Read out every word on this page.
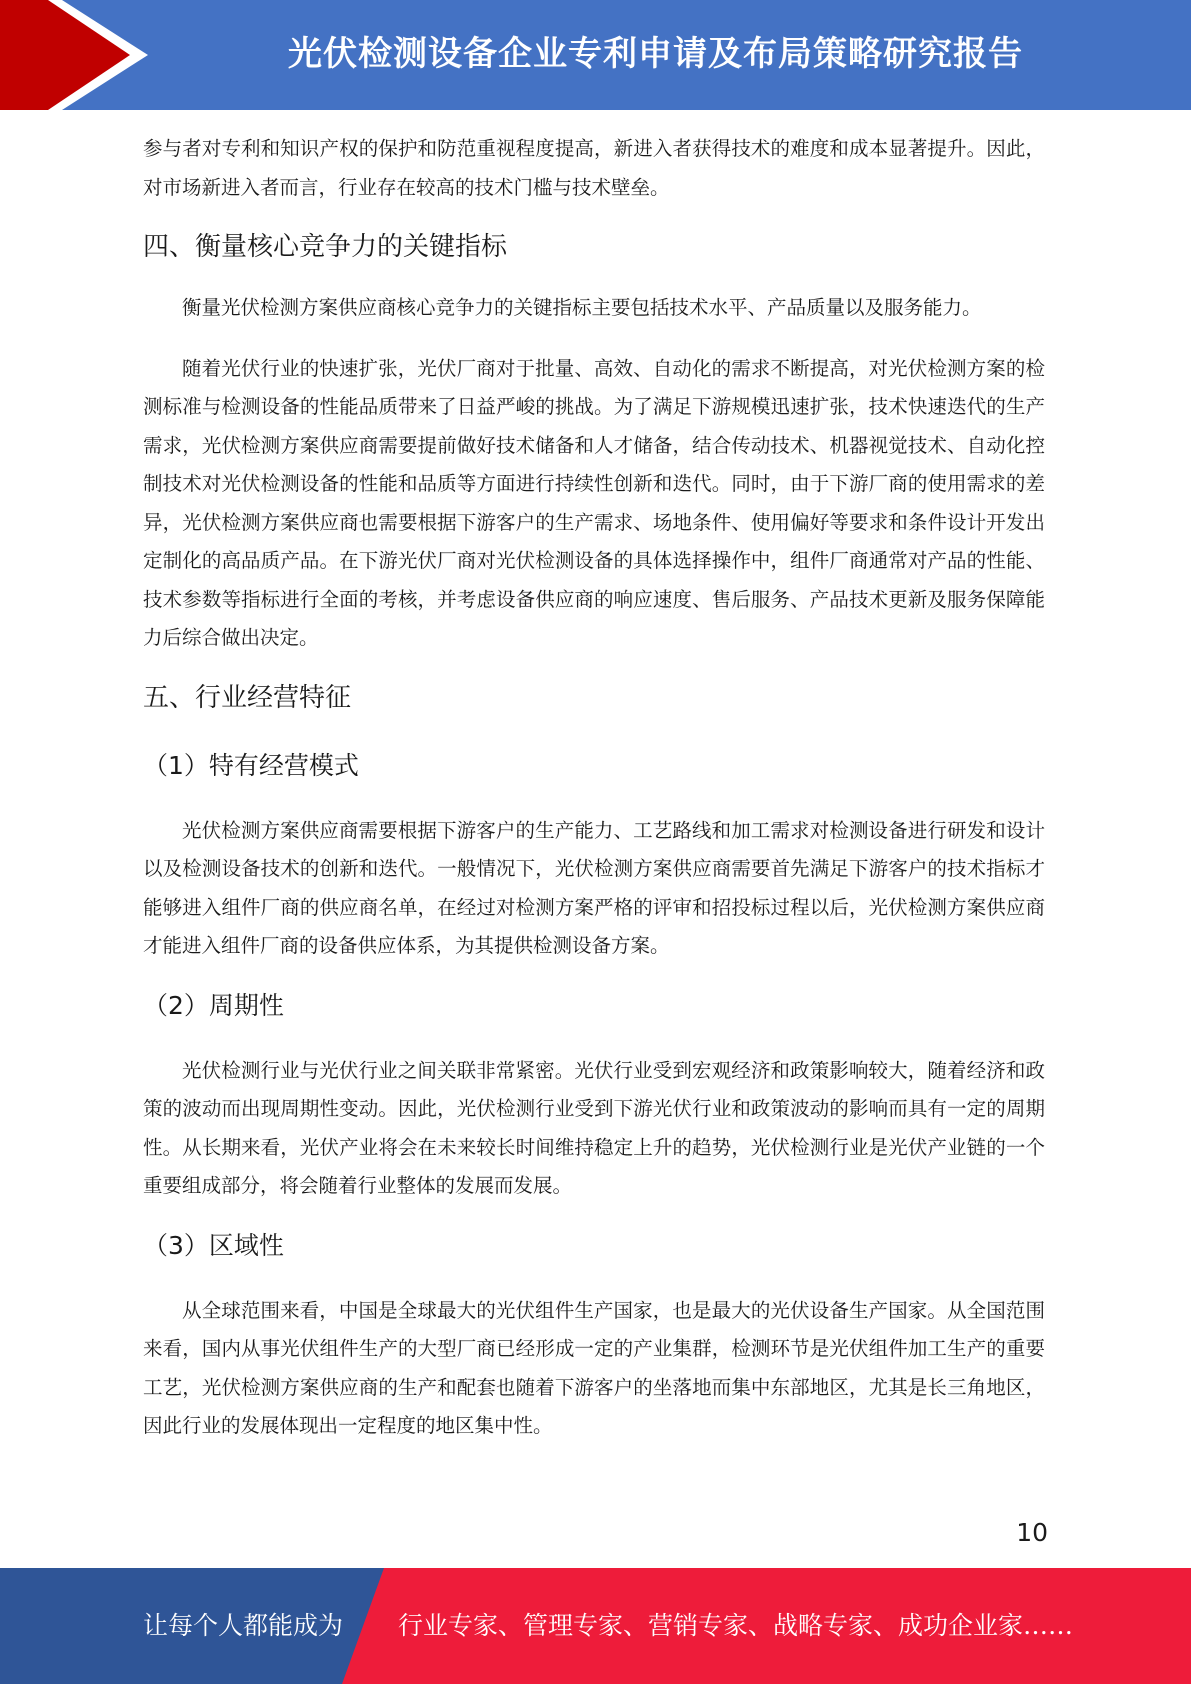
光伏检测设备企业专利申请及布局策略研究报告

参与者对专利和知识产权的保护和防范重视程度提高，新进入者获得技术的难度和成本显著提升。因此，对市场新进入者而言，行业存在较高的技术门槛与技术壁垒。

四、衡量核心竞争力的关键指标

衡量光伏检测方案供应商核心竞争力的关键指标主要包括技术水平、产品质量以及服务能力。

随着光伏行业的快速扩张，光伏厂商对于批量、高效、自动化的需求不断提高，对光伏检测方案的检测标准与检测设备的性能品质带来了日益严峻的挑战。为了满足下游规模迅速扩张，技术快速迭代的生产需求，光伏检测方案供应商需要提前做好技术储备和人才储备，结合传动技术、机器视觉技术、自动化控制技术对光伏检测设备的性能和品质等方面进行持续性创新和迭代。同时，由于下游厂商的使用需求的差异，光伏检测方案供应商也需要根据下游客户的生产需求、场地条件、使用偏好等要求和条件设计开发出定制化的高品质产品。在下游光伏厂商对光伏检测设备的具体选择操作中，组件厂商通常对产品的性能、技术参数等指标进行全面的考核，并考虑设备供应商的响应速度、售后服务、产品技术更新及服务保障能力后综合做出决定。

五、行业经营特征
（1）特有经营模式

光伏检测方案供应商需要根据下游客户的生产能力、工艺路线和加工需求对检测设备进行研发和设计以及检测设备技术的创新和迭代。一般情况下，光伏检测方案供应商需要首先满足下游客户的技术指标才能够进入组件厂商的供应商名单，在经过对检测方案严格的评审和招投标过程以后，光伏检测方案供应商才能进入组件厂商的设备供应体系，为其提供检测设备方案。

（2）周期性

光伏检测行业与光伏行业之间关联非常紧密。光伏行业受到宏观经济和政策影响较大，随着经济和政策的波动而出现周期性变动。因此，光伏检测行业受到下游光伏行业和政策波动的影响而具有一定的周期性。从长期来看，光伏产业将会在未来较长时间维持稳定上升的趋势，光伏检测行业是光伏产业链的一个重要组成部分，将会随着行业整体的发展而发展。

（3）区域性

从全球范围来看，中国是全球最大的光伏组件生产国家，也是最大的光伏设备生产国家。从全国范围来看，国内从事光伏组件生产的大型厂商已经形成一定的产业集群，检测环节是光伏组件加工生产的重要工艺，光伏检测方案供应商的生产和配套也随着下游客户的坐落地而集中东部地区，尤其是长三角地区，因此行业的发展体现出一定程度的地区集中性。

10
让每个人都能成为 行业专家、管理专家、营销专家、战略专家、成功企业家……
